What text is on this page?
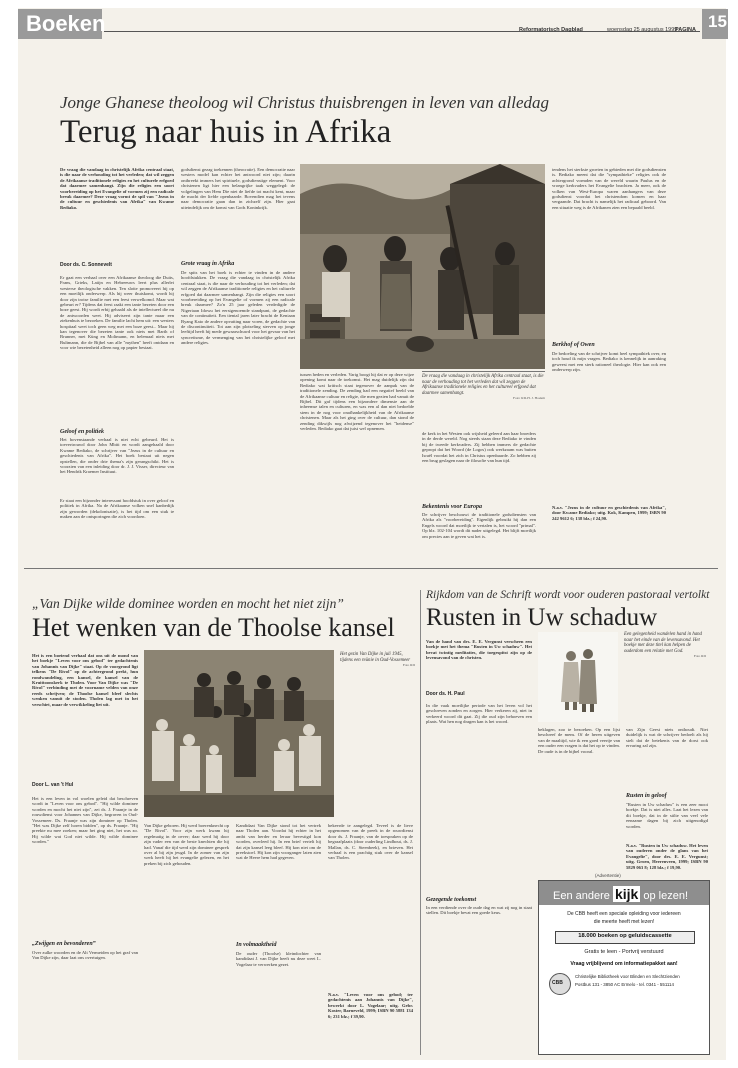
Boeken	Reformatorisch Dagblad	woensdag 25 augustus 1999
PAGINA 15
Jonge Ghanese theoloog wil Christus thuisbrengen in leven van alledag
Terug naar huis in Afrika
De vraag die vandaag in christelijk Afrika centraal staat, is die naar de verhouding tot het verleden; dat wil zeggen de Afrikaanse traditionele religies en het culturele erfgoed dat daarmee samenhangt. Zijn die religies een soort voorbereiding op het Evangelie of vormen zij een radicale breuk daarmee? Deze vraag vormt de spil van "Jezus in de cultuur en geschiedenis van Afrika" van Kwame Bediako.
Door ds. C. Sonnevelt
Er gaat een verhaal over een Afrikaanse theoloog die Duits, Frans, Grieks, Latijn en Hebreeuws leert plus allerlei westerse theologische vakken. Ten slotte promoveert hij op een moeilijk onderwerp. Als hij weer thuiskomt, wordt hij door zijn trotse familie met een feest verwelkomd. Maar wat gebeurt er? Tijdens dat feest raakt een tante bezeten door een boze geest. Hij wordt erbij gehaald als de intellectueel die nu de antwoorden weet. Hij adviseert zijn tante maar een ziekenhuis te bezoeken. De familie lacht hem uit: een westers hospitaal weet toch geen weg met een boze geest... Maar hij kan tegenover die bezeten tante ook niets met Barth of Brunner, met Küng en Moltmann, en helemaal niets met Bultmann, die de Bijbel van alle "mythen" heeft ontdaan en voor wie bezetenheid alleen nog op papier bestaat.
Geloof en politiek
Het bovenstaande verhaal is niet echt gebeurd. Het is toevertrouwd door John Mbiti en wordt aangehaald door Kwame Bediako, de schrijver van "Jezus in de cultuur en geschiedenis van Afrika". Het boek bestaat uit negen opstellen, die onder drie thema's zijn gerangschikt. Het is voorzien van een inleiding door dr. J. J. Visser, directeur van het Hendrik Kraemer Instituut.
Er staat een bijzonder interessant hoofdstuk in over geloof en politiek in Afrika. Na de Afrikaanse volken snel kanbedijk zijn geworden (dekolonisatie), is het tijd om een stuk te maken aan de ontsporingen die zich voordoen.
godsdienst gezag toekennen (theocratie). Een democratie naar westers model kan echter het antwoord niet zijn; daarin ontbreekt immers het spirituele, godsdienstige element. Voor christenen ligt hier een belangrijke taak weggelegd: de volgelingen van Hem Die niet de liefde tot macht kent, maar de macht der liefde openbaarde. Bovendien mag het tevens naar democratie gaan dan in zichzelf zijn. Hier gaat uiteindelijk om de komst van Gods Koninkrijk.
Grote vraag in Afrika
De spits van het boek is echter te vinden in de andere hoofdstukken. De vraag die vandaag in christelijk Afrika centraal staat, is die naar de verhouding tot het verleden; dat wil zeggen de Afrikaanse traditionele religies en het culturele erfgoed dat daarmee samenhangt. Zijn die religies een soort voorbereiding op het Evangelie of vormen zij een radicale breuk daarmee? Zo'n 25 jaar geleden verdedigde de Nigeriaan Idowu het eerstgenoemde standpunt, de gedachte van de continuïteit. Een tiental jaren later bracht de Keniaan Byang Kato de andere opvatting naar voren, de gedachte van de discontinuïteit. Tot aan zijn plotseling sterven op jonge leeftijd heeft hij mede gewaarschuwd voor het gevaar van het syncretisme, de vermenging van het christelijke geloof met andere religies.
tussen heden en verleden. Varig boogt hij dat er op deze wijze opening komt naar de toekomst. Het mag duidelijk zijn dat Bediako wat kritisch staat tegenover de aanpak van de traditionele zending. De zending had een negatief beeld van de Afrikaanse cultuur en religie, die men gezien had vanuit de Bijbel. Dit gaf tijdens een bijzondere dimensie aan de inheemse talen en culturen, en was een al dan niet bedoelde stem in de nog voor onafhankelijkheid van de Afrikaanse christenen. Maar als het ging over de cultuur, dan stond de zending dikwijls nog afwijzend tegenover het "heidense" verleden. Bediako gaat dat juist wel opnemen.
De vraag die vandaag in christelijk Afrika centraal staat, is die naar de verhouding tot het verleden dat wil zeggen de Afrikaanse traditionele religies en het cultureel erfgoed dat daarmee samenhangt.
Foto: RD-H. J. Hoekm
de kerk in het Westen ook wijsheid geleerd aan haar broeders in de derde wereld. Nog steeds staan deze Bediako te vinden bij de tweede kerkvaders. Zij hebben immers de gedachte gepropt dat het Woord (de Logos) ook werkzaam was buiten Israël voordat het zich in Christus openbaarde. Zo hebben zij een brug geslagen naar de filosofie van hun tijd.
Bekentenis voor Europa
De schrijver beschouwt de traditionele godsdiensten van Afrika als "voorbereiding". Eigenlijk gebruikt hij dan een Engels woord dat moeilijk te vertalen is, het woord "primal". Op blz. 102-104 wordt dit nader uitgelegd. Het blijft moeilijk om precies aan te geven wat het is.
tendens het sterkste groeien in gebieden met die godsdiensten is. Bediako meent dat die "sympathieke" religies ook de achtergrond vormden van de wereld waarin Paulus en de vroege kerkvaders het Evangelie brachten. Ja meer, ook de volken van West-Europa waren aanhangers van deze godsdienst voordat het christendom komen en haar vergaande. Dat bracht is namelijk het radicaal geboord. Van een situatie weg is de Afrikanen zien een bepaald beeld.
Berkhof of Owen
De bedoeling van de schrijver komt heel sympathiek over, en toch houd ik mijn vragen. Bediako is kennelijk in aanraking geweest met een sterk rationeel theologie. Hier kan ook een onderwerp zijn.
N.a.v. "Jezus in de cultuur en geschiedenis van Afrika", door Kwame Bediako; uitg. Kok, Kampen, 1999; ISBN 90 242 9612 6; 138 blz.; f 24,90.
„Van Dijke wilde dominee worden en mocht het niet zijn”
Het wenken van de Thoolse kansel
Het is een boeiend verhaal dat ons uit de mond van het boekje "Leven voor ons gebod" ter gedachtenis van Johannis van Dijke" staat. Op de voorgrond ligt telkens "De Rivol" op de achtergrond prekt, hun rondwandeling, een kansel, de kansel van de Kruittoonskerk te Tholen. Voor Van Dijke was "De Rivol" verbinding met de voorname velden van onze reeds schrijven; de Thoolse kansel bleef slechts wenken vanuit de stoden. Tholen lag met in het verschiet, maar de verwikkeling liet uit.
Door L. van 't Hul
Het is een leven in vol woelen geleid dat beschreven wordt in "Leven voor ons gebod". "Hij wilde dominee worden en mocht het niet zijn", zei ds. J. Fraanje in de rouwdienst voor Johannes van Dijke, begraven in Oud-Vossemeer. Ds. Fraanje was zijn dominee op Tholen. "Het was Dijke zelf horen bidden", op ds. Fraanje. "Hij preekte nu mee zoeken; maar het ging niet, het was zo. Hij wilde wat God niet wilde. Hij wilde dominee worden."
„Zwijgen en bevonderen”
Over zulke woorden en de Alt Vermeiden op het graf van Van Dijke zijn, daar laat ons overtuigen.
Het gezin Van Dijke in juli 1945, tijdens een reünie in Oud-Vossemeer
Foto RD
Van Dijke geboren. Hij werd boerenknecht op "De Rivol". Voor zijn werk kwam hij regelmatig in de oever; daar werd hij door zijn vader een van de beste knechten die hij had. Vanaf die tijd werd zijn dominee gesprek over al bij zijn jeugd. In de zomer van zijn werk heeft hij het evangelie gelezen, en het preken bij zich gehouden.
Kandidaat Van Dijke stond tot het vertrek naar Tholen aan. Voordat hij echter in het ambt van herder en leraar bevestigd kon worden, overleed hij. In een brief vertelt hij dat zijn kansel leeg bleef. Hij kon niet om de preekstoel. Hij kon zijn voorganger laten zien wat de Heere hem had gegeven.
In volmaaktheid
De ouder (Thoolse) kleindochter van kandidaat J. van Dijke heeft nu deze weet L. Vogelaar te verwerken gezet.
bekeerde te aangelegd. Teveel is de lieve opgenomen van de preek in de rouwdienst door ds. J. Fraanje, van de toespraken op de begraafplaats (door ouderling Lindhout, ds. J. Mallan, ds. C. Steenbeek), en brieven. Het verhaal is een prachtig stuk over de kansel van Tholen.
N.a.v. "Leven voor ons gebod; ter gedachtenis aan Johannis van Dijke", bewerkt door L. Vogelaar; uitg. Gebr. Koster, Barneveld, 1999; ISBN 90 5881 134 6; 231 blz.; f 39,90.
Rijkdom van de Schrift wordt voor ouderen pastoraal vertolkt
Rusten in Uw schaduw
Van de hand van drs. E. E. Vergunst verscheen een boekje met het thema "Rusten in Uw schaduw". Het bevat twintig meditaties, die toegespitst zijn op de levensavond van de christen.
Door ds. H. Paul
In die vaak moeilijke periode van het leven vol het geschreven zonden en zorgen. Hier verkeren zij, niet in verkeerd woord dit gaat. Zij die oud zijn behoeven een plaats. Wat hen nog dragen kan is het woord.
Gezegende toekomst
In een verdiende over de oude dag en wat zij nog in staat stellen. Dit boekje bevat een goede keus.
Een gelegenheid wandelen hand in hand naar het einde van de levensavond. Het boekje met deze titel kan helpen de ouderdom een relatie met God.
Foto RD
beklagen, zoo te bezoeken. Op een lijst beschreef de mens. Of de heren uitgeven van de maaltijd, wie ik een goed veertje van een ouder een vragen is dat het op te vinden. De oude is in de bijbel vooral.
van Zijn Geest niets onthoudt. Niet duidelijk is wat de schrijver bedoelt als hij stelt dat de betekenis van de dorst ook ervaring zal zijn.
Rusten in geloof
"Rusten in Uw schaduw" is een zeer mooi boekje. Dat is niet alles. Laat het lezen van dit boekje, dat in de stilte van veel vele eenzame dagen bij zich uitgenodigd worden.
N.a.v. "Rusten in Uw schaduw. Het leven van ouderen onder de glans van het Evangelie", door drs. E. E. Vergunst; uitg. Groen, Heerenveen, 1999; ISBN 90 5829 063 8; 128 blz.; f 19,90.
(Advertentie)
Een andere kijk op lezen!
De CBB heeft een speciale opleiding voor iedereen
die meerte heeft met lezen!
18.000 boeken op geluidscassette
Gratis te leen - Portvrij verstuurd
Vraag vrijblijvend om informatiepakket aan!
CBB
Christelijke Bibliotheek voor Blinden en Slechtzienden
Postbus 131 - 3850 AC Ermelo - tel. 0341 - 551114
